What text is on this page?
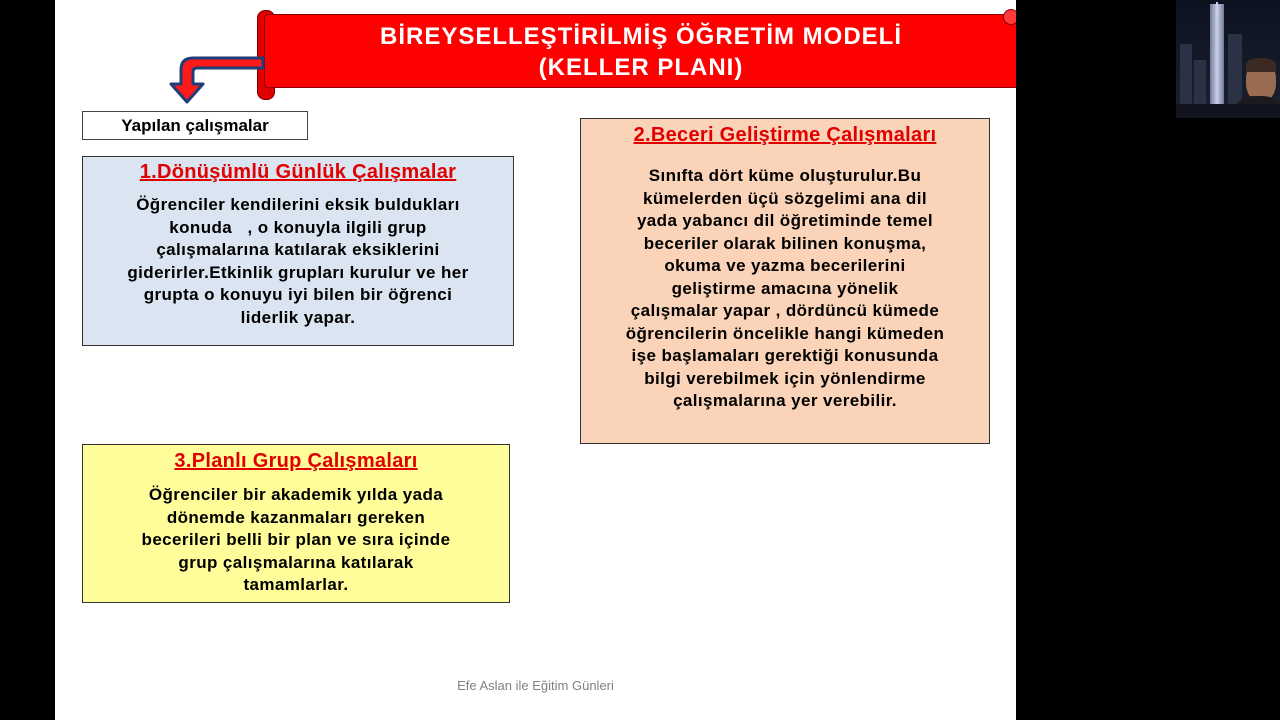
BİREYSELLEŞTİRİLMİŞ ÖĞRETİM MODELİ
(KELLER PLANI)
Yapılan çalışmalar
1.Dönüşümlü Günlük Çalışmalar
Öğrenciler kendilerini eksik buldukları
konuda   , o konuyla ilgili grup
çalışmalarına katılarak eksiklerini
giderirler.Etkinlik grupları kurulur ve her
grupta o konuyu iyi bilen bir öğrenci
liderlik yapar.
2.Beceri Geliştirme Çalışmaları
Sınıfta dört küme oluşturulur.Bu
kümelerden üçü sözgelimi ana dil
yada yabancı dil öğretiminde temel
beceriler olarak bilinen konuşma,
okuma ve yazma becerilerini
geliştirme amacına yönelik
çalışmalar yapar , dördüncü kümede
öğrencilerin öncelikle hangi kümeden
işe başlamaları gerektiği konusunda
bilgi verebilmek için yönlendirme
çalışmalarına yer verebilir.
3.Planlı Grup Çalışmaları
Öğrenciler bir akademik yılda yada
dönemde kazanmaları gereken
becerileri belli bir plan ve sıra içinde
grup çalışmalarına katılarak
tamamlarlar.
Efe Aslan ile Eğitim Günleri
